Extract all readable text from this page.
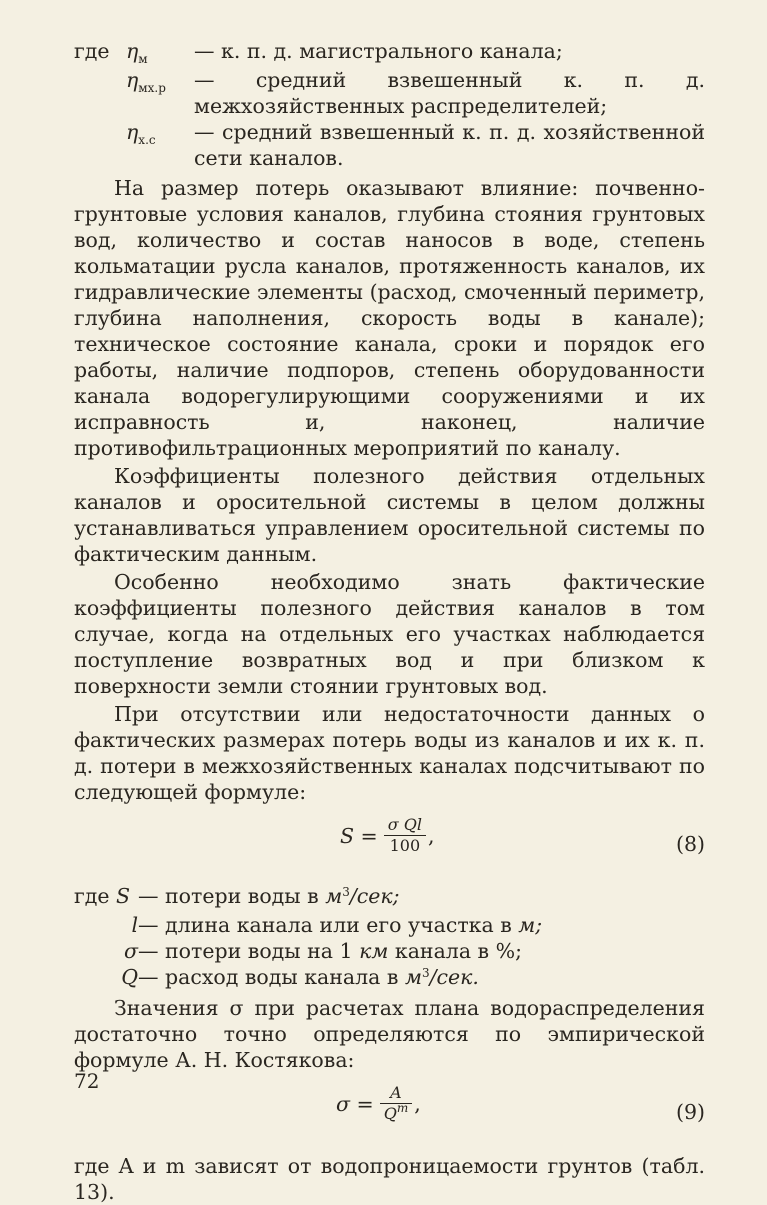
где $\eta_м$	— к. п. д. магистрального канала;
$\eta_{мх.р}$	— средний взвешенный к. п. д. межхозяйственных распределителей;
$\eta_{х.с}$	— средний взвешенный к. п. д. хозяйственной сети каналов.

На размер потерь оказывают влияние: почвенно-грунтовые условия каналов, глубина стояния грунтовых вод, количество и состав наносов в воде, степень кольматации русла каналов, протяженность каналов, их гидравлические элементы (расход, смоченный периметр, глубина наполнения, скорость воды в канале); техническое состояние канала, сроки и порядок его работы, наличие подпоров, степень оборудованности канала водорегулирующими сооружениями и их исправность и, наконец, наличие противофильтрационных мероприятий по каналу.

Коэффициенты полезного действия отдельных каналов и оросительной системы в целом должны устанавливаться управлением оросительной системы по фактическим данным.

Особенно необходимо знать фактические коэффициенты полезного действия каналов в том случае, когда на отдельных его участках наблюдается поступление возвратных вод и при близком к поверхности земли стоянии грунтовых вод.

При отсутствии или недостаточности данных о фактических размерах потерь воды из каналов и их к. п. д. потери в межхозяйственных каналах подсчитывают по следующей формуле:

$S = \frac{\text{σ Ql}}{100}$ ,	(8)
где S — потери воды в $м^3$/сек;
l — длина канала или его участка в м;
σ — потери воды на 1 км канала в %;
Q — расход воды канала в $м^3$/сек.

Значения σ при расчетах плана водораспределения достаточно точно определяются по эмпирической формуле А. Н. Костякова:

$\sigma = \frac{A}{Q^m}$ ,	(9)

где A и m зависят от водопроницаемости грунтов (табл. 13).

72
